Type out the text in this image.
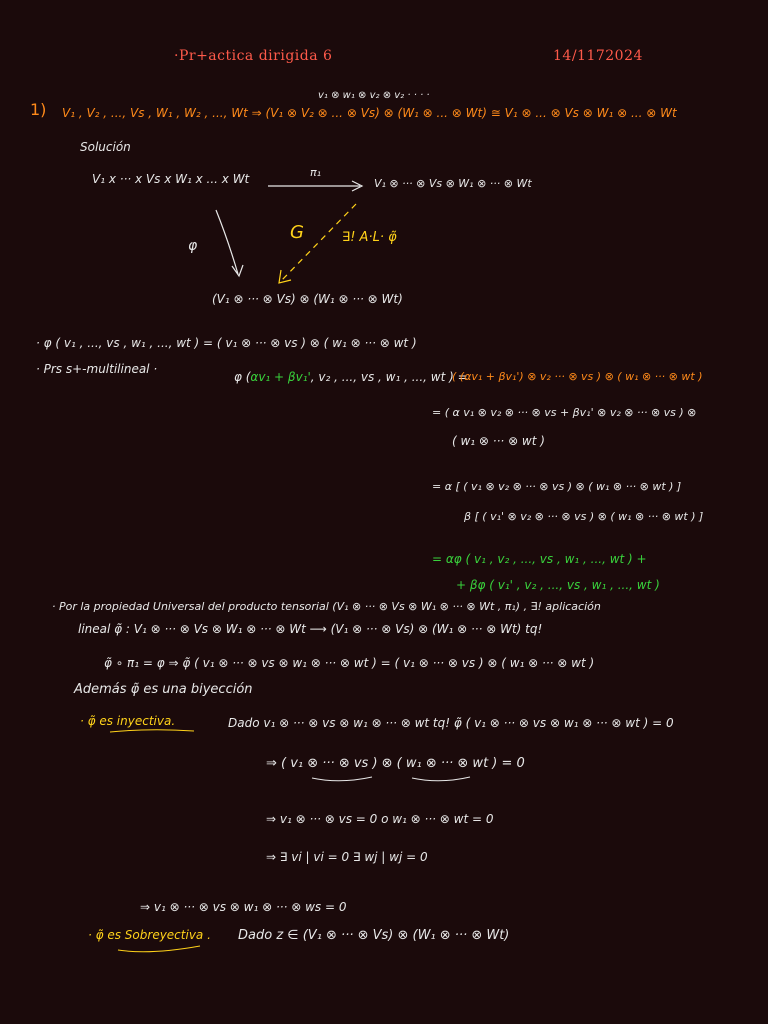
·Pr+actica dirigida 6	14/1172024
v₁ ⊗ w₁ ⊗ v₂ ⊗ v₂ · · · ·
1) V₁ , V₂ , ..., Vs , W₁ , W₂ , ..., Wt ⇒ (V₁ ⊗ V₂ ⊗ ... ⊗ Vs) ⊗ (W₁ ⊗ ... ⊗ Wt) ≅ V₁ ⊗ ... ⊗ Vs ⊗ W₁ ⊗ ... ⊗ Wt
Solución
V₁ x ··· x Vs x W₁ x ... x Wt	π₁
V₁ ⊗ ··· ⊗ Vs ⊗ W₁ ⊗ ··· ⊗ Wt
φ
G	∃! A·L· φ̃
(V₁ ⊗ ··· ⊗ Vs) ⊗ (W₁ ⊗ ··· ⊗ Wt)
· φ ( v₁ , ..., vs , w₁ , ..., wt ) = ( v₁ ⊗ ··· ⊗ vs ) ⊗ ( w₁ ⊗ ··· ⊗ wt )
· Prs s+-multilineal ·
φ (αv₁ + βv₁', v₂ , ..., vs , w₁ , ..., wt ) =
( (αv₁ + βv₁') ⊗ v₂ ··· ⊗ vs ) ⊗ ( w₁ ⊗ ··· ⊗ wt )
= ( α v₁ ⊗ v₂ ⊗ ··· ⊗ vs + βv₁' ⊗ v₂ ⊗ ··· ⊗ vs ) ⊗
( w₁ ⊗ ··· ⊗ wt )
= α [ ( v₁ ⊗ v₂ ⊗ ··· ⊗ vs ) ⊗ ( w₁ ⊗ ··· ⊗ wt ) ]
β [ ( v₁' ⊗ v₂ ⊗ ··· ⊗ vs ) ⊗ ( w₁ ⊗ ··· ⊗ wt ) ]
= αφ ( v₁ , v₂ , ..., vs , w₁ , ..., wt ) +
+ βφ ( v₁' , v₂ , ..., vs , w₁ , ..., wt )
· Por la propiedad Universal del producto tensorial (V₁ ⊗ ··· ⊗ Vs ⊗ W₁ ⊗ ··· ⊗ Wt , π₁) , ∃! aplicación
lineal φ̃ : V₁ ⊗ ··· ⊗ Vs ⊗ W₁ ⊗ ··· ⊗ Wt ⟶ (V₁ ⊗ ··· ⊗ Vs) ⊗ (W₁ ⊗ ··· ⊗ Wt) tq!
φ̃ ∘ π₁ = φ ⇒ φ̃ ( v₁ ⊗ ··· ⊗ vs ⊗ w₁ ⊗ ··· ⊗ wt ) = ( v₁ ⊗ ··· ⊗ vs ) ⊗ ( w₁ ⊗ ··· ⊗ wt )
Además φ̃ es una biyección
· φ̃ es inyectiva.	Dado v₁ ⊗ ··· ⊗ vs ⊗ w₁ ⊗ ··· ⊗ wt tq! φ̃ ( v₁ ⊗ ··· ⊗ vs ⊗ w₁ ⊗ ··· ⊗ wt ) = 0
⇒ ( v₁ ⊗ ··· ⊗ vs ) ⊗ ( w₁ ⊗ ··· ⊗ wt ) = 0
⇒ v₁ ⊗ ··· ⊗ vs = 0 o w₁ ⊗ ··· ⊗ wt = 0
⇒ ∃ vi | vi = 0 ∃ wj | wj = 0
⇒ v₁ ⊗ ··· ⊗ vs ⊗ w₁ ⊗ ··· ⊗ ws = 0
· φ̃ es Sobreyectiva . Dado z ∈ (V₁ ⊗ ··· ⊗ Vs) ⊗ (W₁ ⊗ ··· ⊗ Wt)
